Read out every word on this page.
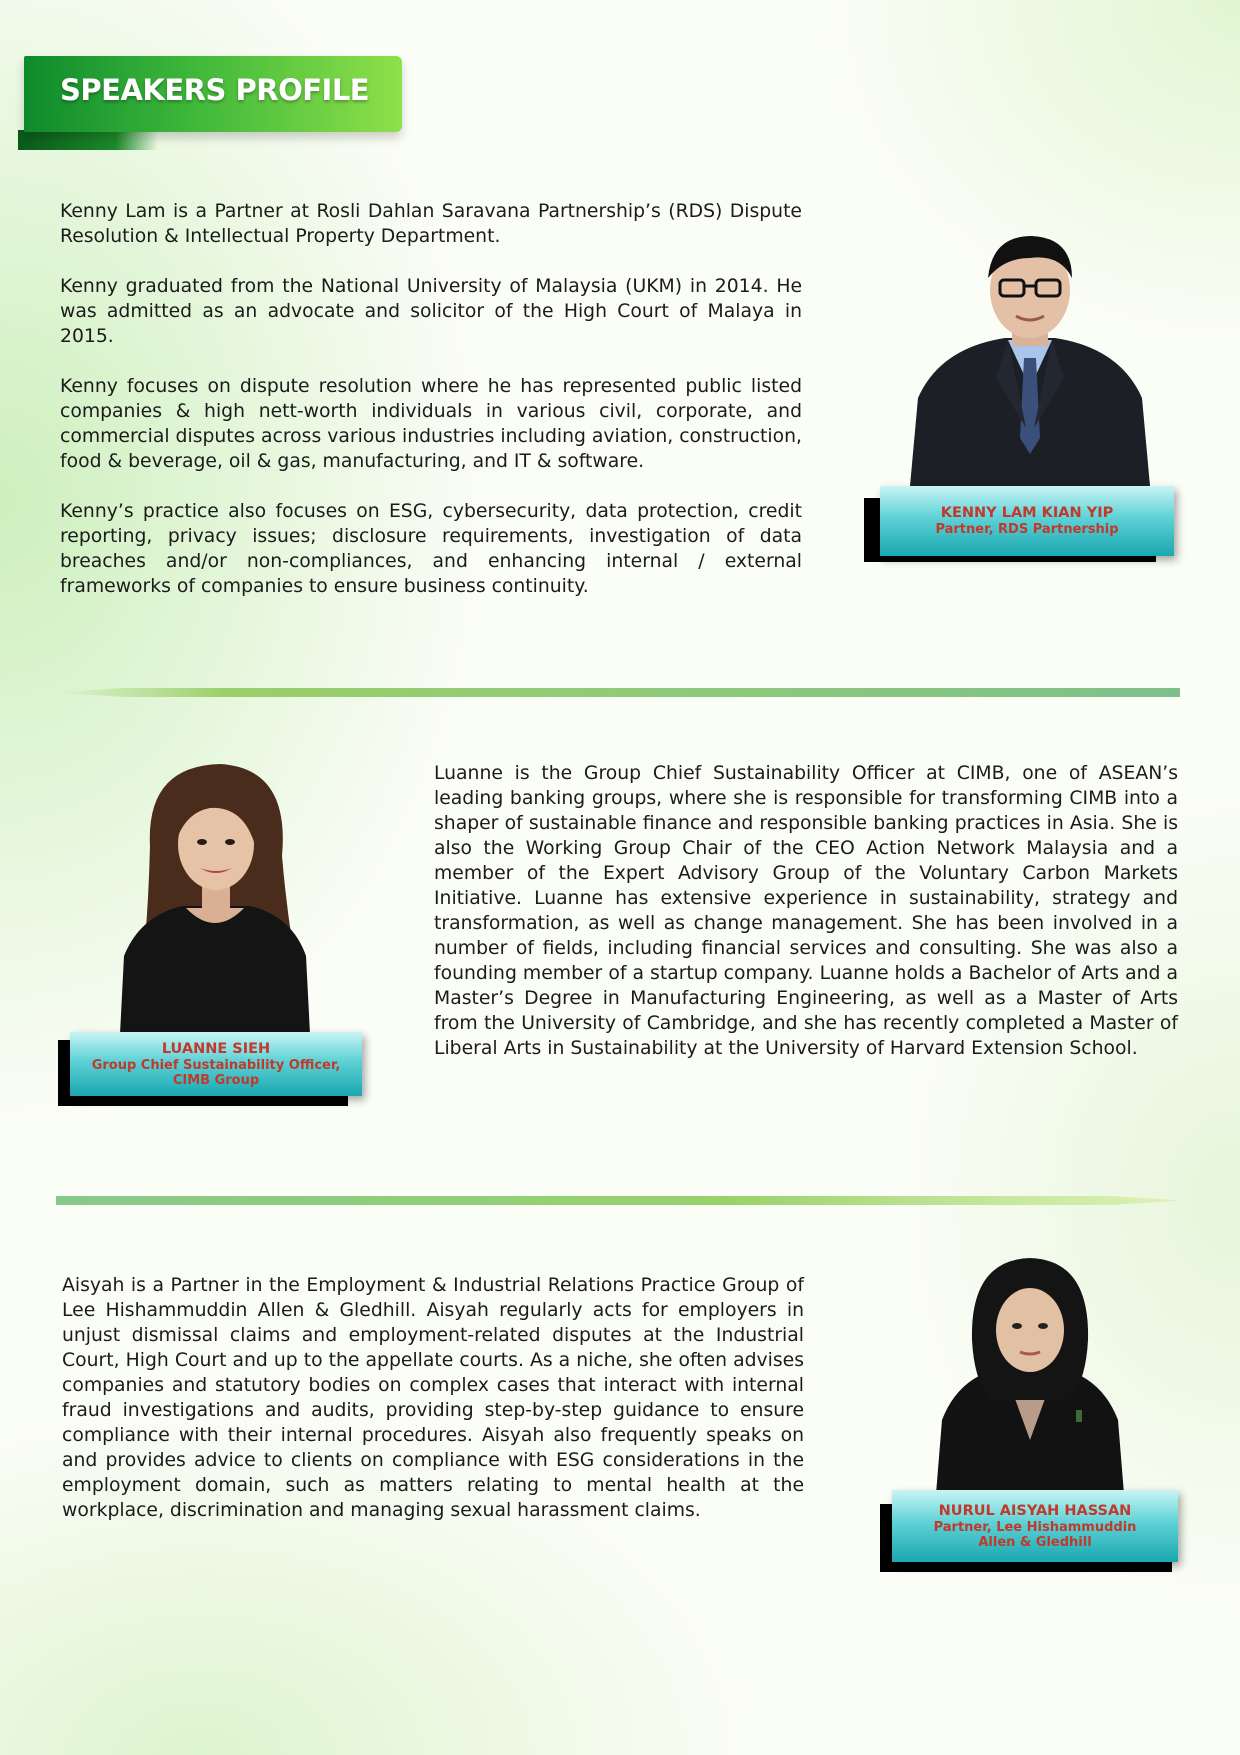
SPEAKERS PROFILE

Kenny Lam is a Partner at Rosli Dahlan Saravana Partnership’s (RDS) Dispute Resolution & Intellectual Property Department.

Kenny graduated from the National University of Malaysia (UKM) in 2014. He was admitted as an advocate and solicitor of the High Court of Malaya in 2015.

Kenny focuses on dispute resolution where he has represented public listed companies & high nett-worth individuals in various civil, corporate, and commercial disputes across various industries including aviation, construction, food & beverage, oil & gas, manufacturing, and IT & software.

Kenny’s practice also focuses on ESG, cybersecurity, data protection, credit reporting, privacy issues; disclosure requirements, investigation of data breaches and/or non-compliances, and enhancing internal / external frameworks of companies to ensure business continuity.

KENNY LAM KIAN YIP
Partner, RDS Partnership
LUANNE SIEH
Group Chief Sustainability Officer,
CIMB Group

Luanne is the Group Chief Sustainability Officer at CIMB, one of ASEAN’s leading banking groups, where she is responsible for transforming CIMB into a shaper of sustainable finance and responsible banking practices in Asia. She is also the Working Group Chair of the CEO Action Network Malaysia and a member of the Expert Advisory Group of the Voluntary Carbon Markets Initiative. Luanne has extensive experience in sustainability, strategy and transformation, as well as change management. She has been involved in a number of fields, including financial services and consulting. She was also a founding member of a startup company. Luanne holds a Bachelor of Arts and a Master’s Degree in Manufacturing Engineering, as well as a Master of Arts from the University of Cambridge, and she has recently completed a Master of Liberal Arts in Sustainability at the University of Harvard Extension School.

Aisyah is a Partner in the Employment & Industrial Relations Practice Group of Lee Hishammuddin Allen & Gledhill. Aisyah regularly acts for employers in unjust dismissal claims and employment-related disputes at the Industrial Court, High Court and up to the appellate courts. As a niche, she often advises companies and statutory bodies on complex cases that interact with internal fraud investigations and audits, providing step-by-step guidance to ensure compliance with their internal procedures. Aisyah also frequently speaks on and provides advice to clients on compliance with ESG considerations in the employment domain, such as matters relating to mental health at the workplace, discrimination and managing sexual harassment claims.	NURUL AISYAH HASSAN
Partner, Lee Hishammuddin
Allen & Gledhill
